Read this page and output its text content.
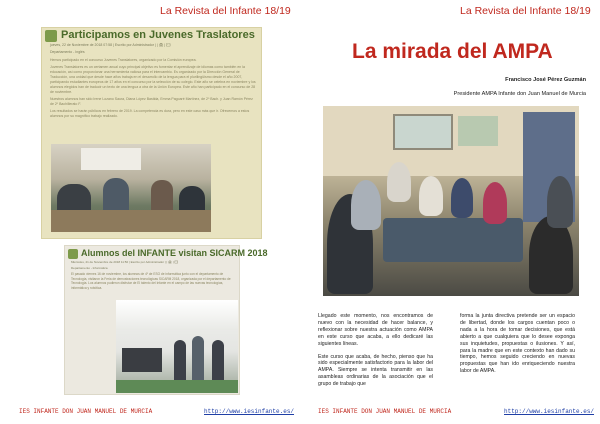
La Revista del Infante 18/19
Participamos en Juvenes Traslatores
jueves, 22 de Noviembre de 2018 07:58 | Escrito por Administrador | | 🖨 | ✉
Departamento - Inglés

Hemos participado en el concurso Juvenes Translatores, organizado por la Comisión europea.

Juvenes Translatores es un certamen anual cuyo principal objetivo es fomentar el aprendizaje de idiomas como también en la educación, así como proporcionar una herramienta valiosa para el intercambio. Es organizado por la Dirección General de Traducción, una unidad que desde hace años trabaja en el desarrollo de la lengua para el plurilingüismo desde el año 2007, participando estudiantes europeos de 17 años en el concurso por la selección de su colegio. Este año se celebra en noviembre y los alumnos elegidos han de traducir un texto de una lengua a otra de la Unión Europea. Este año han participado en el concurso de 28 de noviembre.

Nuestros alumnos han sido Irene Lozano Saura, Diana López Bastida, Emma Pagoaré Martínez, de 2º Bach. y Juan Ramón Pérez de 2º Bachillerato F.

Los resultados se harán públicos en febrero de 2019. La competencia es dura, pero en este caso más que ir. Ofrecemos a estos alumnos por su magnífico trabajo realizado.

Alumnos del INFANTE visitan SICARM 2018
Miércoles, 21 de Noviembre de 2018 11:50 | Escrito por Administrador | | 🖨 | ✉
Departamento - Informática

El pasado viernes 16 de noviembre, los alumnos de 4º de ESO de informática junto con el departamento de Tecnología, visitaron la Feria de demostraciones tecnológicas SICARM 2018, organizada por el departamento de Tecnología. Los alumnos pudieron disfrutar de El talento del Infante en el campo de las nuevas tecnologías, informática y robótica.

IES INFANTE DON JUAN MANUEL DE MURCIA	http://www.iesinfante.es/
La Revista del Infante 18/19
La mirada del AMPA
Francisco José Pérez Guzmán
Presidente AMPA Infante don Juan Manuel de Murcia

Llegado este momento, nos encontramos de nuevo con la necesidad de hacer balance, y reflexionar sobre nuestra actuación como AMPA en este curso que acaba, a ello dedicaré las siguientes líneas.

Este curso que acaba, de hecho, pienso que ha sido especialmente satisfactorio para la labor del AMPA. Siempre se intenta transmitir en las asambleas ordinarias de la asociación que el grupo de trabajo que

forma la junta directiva pretende ser un espacio de libertad, donde los cargos cuentan poco o nada a la hora de tomar decisiones, que está abierto a que cualquiera que lo desee exponga sus inquietudes, propuestas o ilusiones. Y así, para la madre que en este contexto han dado su tiempo, hemos seguido creciendo en nuevas propuestas que han ido enriqueciendo nuestra labor de AMPA.

IES INFANTE DON JUAN MANUEL DE MURCIA	http://www.iesinfante.es/
